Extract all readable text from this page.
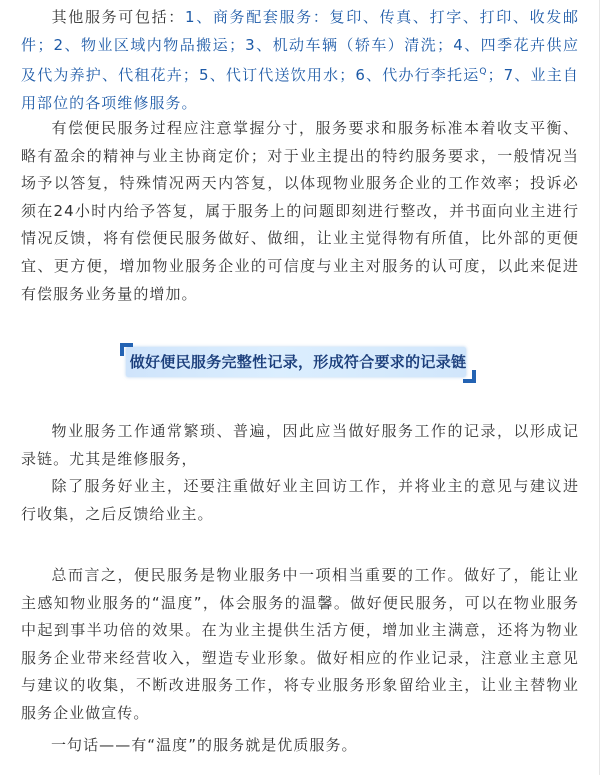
其他服务可包括：1、商务配套服务：复印、传真、打字、打印、收发邮件；2、物业区域内物品搬运；3、机动车辆（轿车）清洗；4、四季花卉供应及代为养护、代租花卉；5、代订代送饮用水；6、代办行李托运$^Q$；7、业主自用部位的各项维修服务。

有偿便民服务过程应注意掌握分寸，服务要求和服务标准本着收支平衡、略有盈余的精神与业主协商定价；对于业主提出的特约服务要求，一般情况当场予以答复，特殊情况两天内答复，以体现物业服务企业的工作效率；投诉必须在24小时内给予答复，属于服务上的问题即刻进行整改，并书面向业主进行情况反馈，将有偿便民服务做好、做细，让业主觉得物有所值，比外部的更便宜、更方便，增加物业服务企业的可信度与业主对服务的认可度，以此来促进有偿服务业务量的增加。

做好便民服务完整性记录，形成符合要求的记录链

物业服务工作通常繁琐、普遍，因此应当做好服务工作的记录，以形成记录链。尤其是维修服务，

除了服务好业主，还要注重做好业主回访工作，并将业主的意见与建议进行收集，之后反馈给业主。

总而言之，便民服务是物业服务中一项相当重要的工作。做好了，能让业主感知物业服务的“温度”，体会服务的温馨。做好便民服务，可以在物业服务中起到事半功倍的效果。在为业主提供生活方便，增加业主满意，还将为物业服务企业带来经营收入，塑造专业形象。做好相应的作业记录，注意业主意见与建议的收集，不断改进服务工作，将专业服务形象留给业主，让业主替物业服务企业做宣传。

一句话——有“温度”的服务就是优质服务。
